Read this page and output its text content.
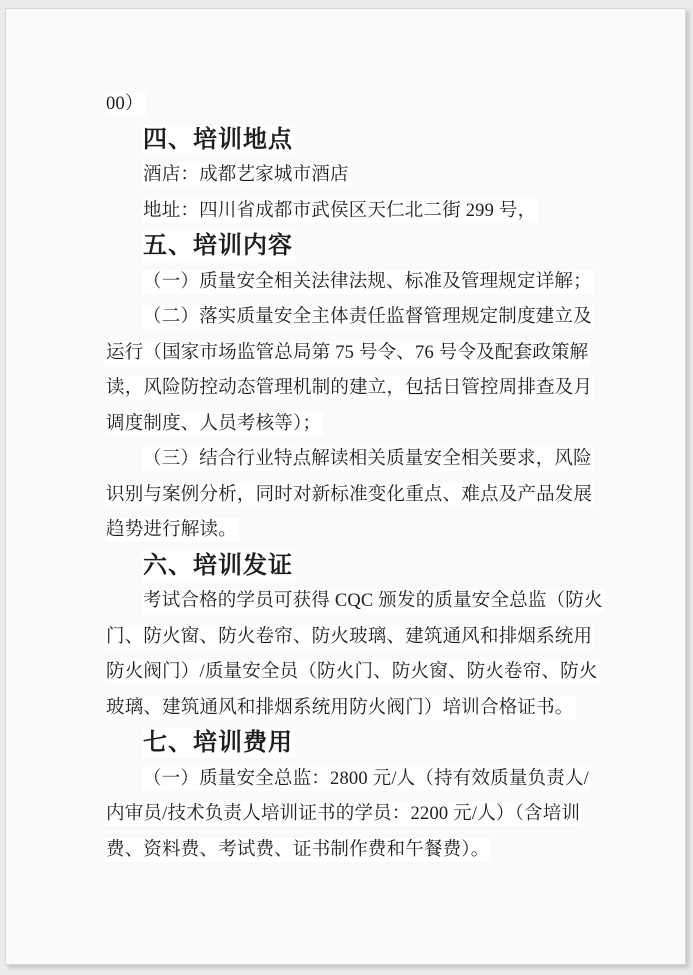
00）
四、培训地点
酒店：成都艺家城市酒店
地址：四川省成都市武侯区天仁北二街 299 号，
五、培训内容
（一）质量安全相关法律法规、标准及管理规定详解；
（二）落实质量安全主体责任监督管理规定制度建立及
运行（国家市场监管总局第 75 号令、76 号令及配套政策解
读，风险防控动态管理机制的建立，包括日管控周排查及月
调度制度、人员考核等）；
（三）结合行业特点解读相关质量安全相关要求，风险
识别与案例分析，同时对新标准变化重点、难点及产品发展
趋势进行解读。
六、培训发证
考试合格的学员可获得 CQC 颁发的质量安全总监（防火
门、防火窗、防火卷帘、防火玻璃、建筑通风和排烟系统用
防火阀门）/质量安全员（防火门、防火窗、防火卷帘、防火
玻璃、建筑通风和排烟系统用防火阀门）培训合格证书。
七、培训费用
（一）质量安全总监：2800 元/人（持有效质量负责人/
内审员/技术负责人培训证书的学员：2200 元/人）（含培训
费、资料费、考试费、证书制作费和午餐费）。
